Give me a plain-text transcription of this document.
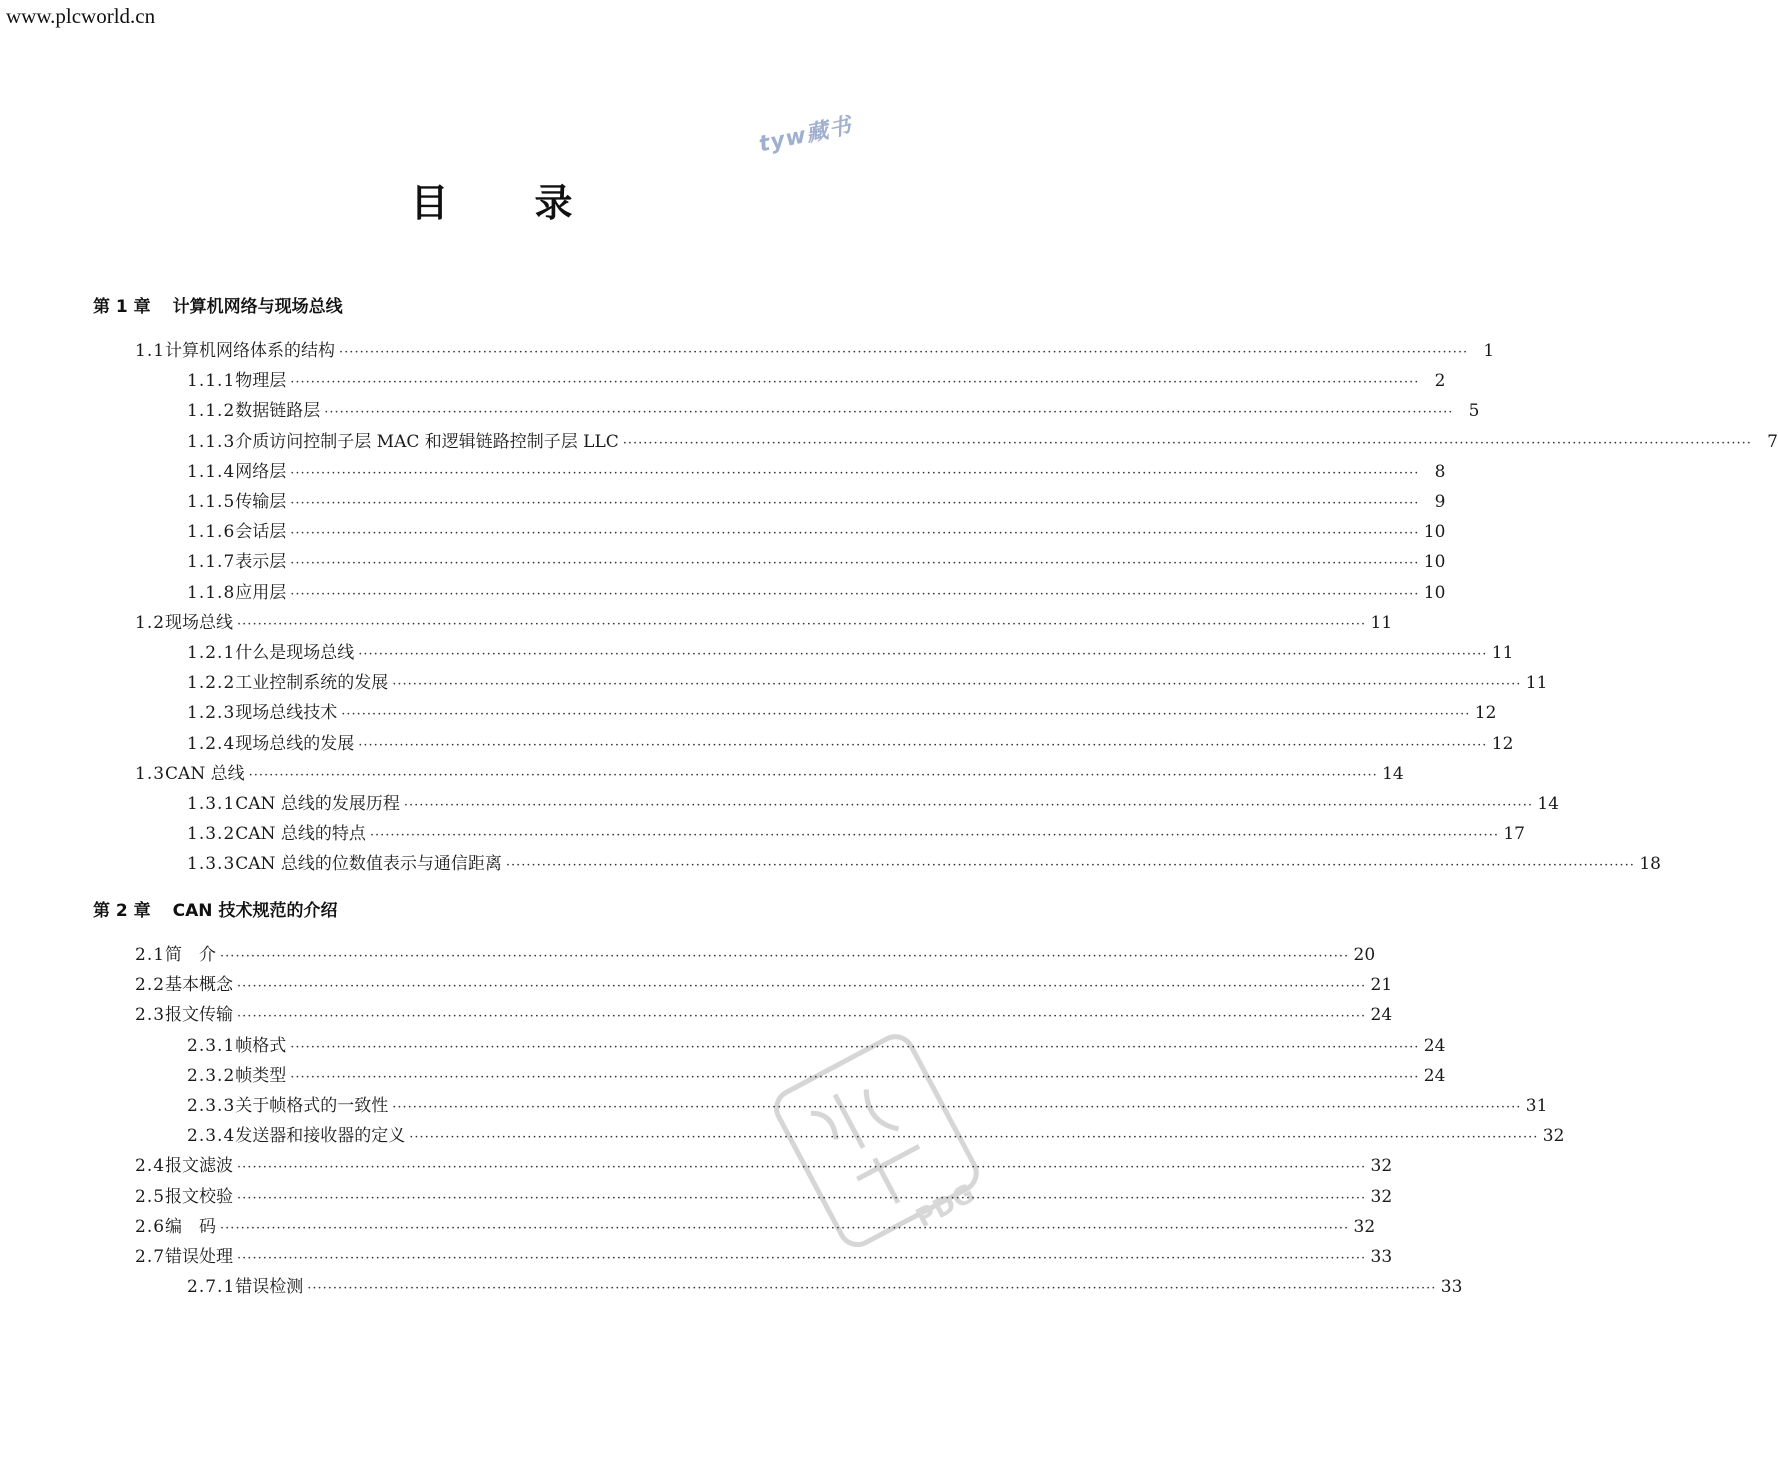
www.plcworld.cn
tyw藏书
目 录
PDG
第 1 章 计算机网络与现场总线
1.1 计算机网络体系的结构 ···························································································································································································································· 1
1.1.1 物理层 ···························································································································································································································· 2
1.1.2 数据链路层 ···························································································································································································································· 5
1.1.3 介质访问控制子层 MAC 和逻辑链路控制子层 LLC ···························································································································································································································· 7
1.1.4 网络层 ···························································································································································································································· 8
1.1.5 传输层 ···························································································································································································································· 9
1.1.6 会话层 ···························································································································································································································· 10
1.1.7 表示层 ···························································································································································································································· 10
1.1.8 应用层 ···························································································································································································································· 10
1.2 现场总线 ···························································································································································································································· 11
1.2.1 什么是现场总线 ···························································································································································································································· 11
1.2.2 工业控制系统的发展 ···························································································································································································································· 11
1.2.3 现场总线技术 ···························································································································································································································· 12
1.2.4 现场总线的发展 ···························································································································································································································· 12
1.3 CAN 总线 ···························································································································································································································· 14
1.3.1 CAN 总线的发展历程 ···························································································································································································································· 14
1.3.2 CAN 总线的特点 ···························································································································································································································· 17
1.3.3 CAN 总线的位数值表示与通信距离 ···························································································································································································································· 18
第 2 章 CAN 技术规范的介绍
2.1 简　介 ···························································································································································································································· 20
2.2 基本概念 ···························································································································································································································· 21
2.3 报文传输 ···························································································································································································································· 24
2.3.1 帧格式 ···························································································································································································································· 24
2.3.2 帧类型 ···························································································································································································································· 24
2.3.3 关于帧格式的一致性 ···························································································································································································································· 31
2.3.4 发送器和接收器的定义 ···························································································································································································································· 32
2.4 报文滤波 ···························································································································································································································· 32
2.5 报文校验 ···························································································································································································································· 32
2.6 编　码 ···························································································································································································································· 32
2.7 错误处理 ···························································································································································································································· 33
2.7.1 错误检测 ···························································································································································································································· 33
